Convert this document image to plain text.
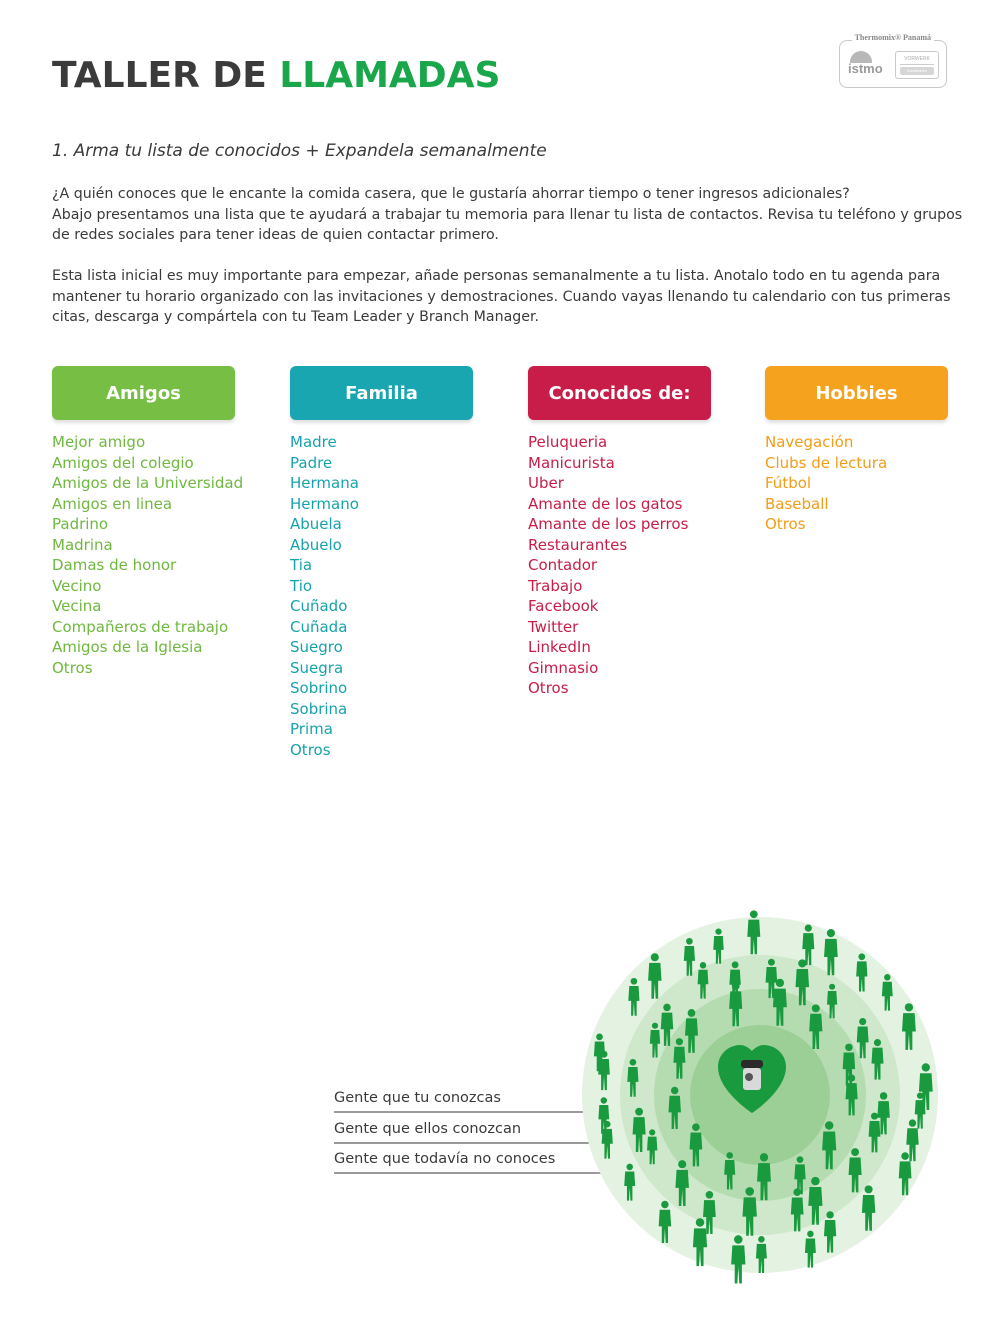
TALLER DE LLAMADAS
Thermomix® Panamá
istmo
VORWERK
Distribuidor

1. Arma tu lista de conocidos + Expandela semanalmente

¿A quién conoces que le encante la comida casera, que le gustaría ahorrar tiempo o tener ingresos adicionales?
Abajo presentamos una lista que te ayudará a trabajar tu memoria para llenar tu lista de contactos. Revisa tu teléfono y grupos
de redes sociales para tener ideas de quien contactar primero.

Esta lista inicial es muy importante para empezar, añade personas semanalmente a tu lista. Anotalo todo en tu agenda para
mantener tu horario organizado con las invitaciones y demostraciones. Cuando vayas llenando tu calendario con tus primeras
citas, descarga y compártela con tu Team Leader y Branch Manager.

Amigos
Mejor amigo
Amigos del colegio
Amigos de la Universidad
Amigos en linea
Padrino
Madrina
Damas de honor
Vecino
Vecina
Compañeros de trabajo
Amigos de la Iglesia
Otros
Familia
Madre
Padre
Hermana
Hermano
Abuela
Abuelo
Tia
Tio
Cuñado
Cuñada
Suegro
Suegra
Sobrino
Sobrina
Prima
Otros
Conocidos de:
Peluqueria
Manicurista
Uber
Amante de los gatos
Amante de los perros
Restaurantes
Contador
Trabajo
Facebook
Twitter
LinkedIn
Gimnasio
Otros
Hobbies
Navegación
Clubs de lectura
Fútbol
Baseball
Otros
Gente que tu conozcas
Gente que ellos conozcan
Gente que todavía no conoces
